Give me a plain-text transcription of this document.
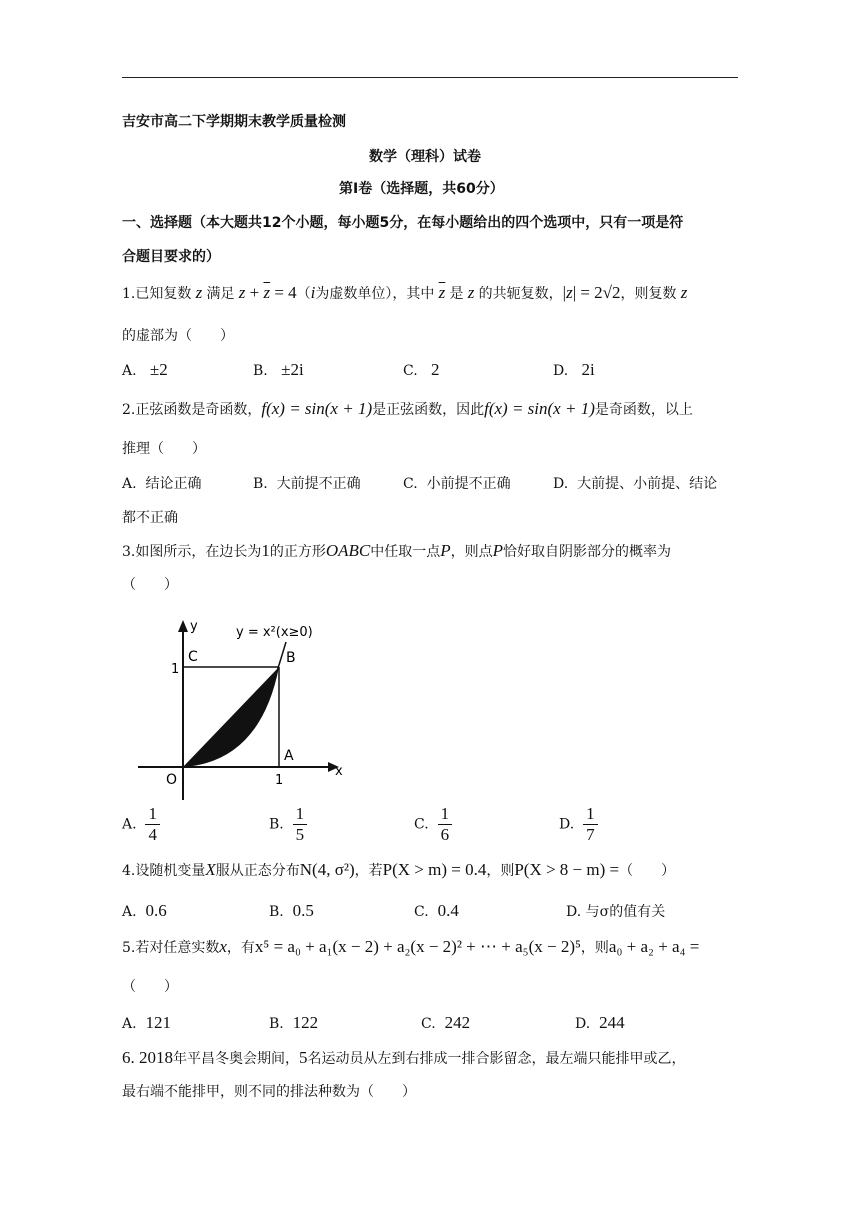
吉安市高二下学期期末教学质量检测
数学（理科）试卷
第Ⅰ卷（选择题，共60分）
一、选择题（本大题共12个小题，每小题5分，在每小题给出的四个选项中，只有一项是符
合题目要求的）
1.已知复数 z 满足 $z + \overline{z} = 4(i$为虚数单位），其中 $\overline{z}$ 是 z 的共轭复数，|z| = 2√2，则复数 z
的虚部为（　　）
A. ±2	B. ±2i	C. 2	D. 2i
2.正弦函数是奇函数，f(x) = sin(x + 1)是正弦函数，因此f(x) = sin(x + 1)是奇函数，以上
推理（　　）
A. 结论正确	B. 大前提不正确	C. 小前提不正确	D. 大前提、小前提、结论
都不正确
3.如图所示，在边长为1的正方形OABC中任取一点P，则点P恰好取自阴影部分的概率为
（　　）
y = x²(x≥0)
y
x
C	B
A
O
1
1
A. $\frac{1}{4}$	B. $\frac{1}{5}$	C. $\frac{1}{6}$	D. $\frac{1}{7}$
4.设随机变量X服从正态分布N(4, σ²)，若P(X > m) = 0.4，则P(X > 8 − m) =（　　）
A. 0.6	B. 0.5	C. 0.4	D. 与σ的值有关
5.若对任意实数x，有x⁵ = a₀ + a₁(x − 2) + a₂(x − 2)² + ⋯ + a₅(x − 2)⁵，则a₀ + a₂ + a₄ =
（　　）
A. 121	B. 122	C. 242	D. 244
6. 2018年平昌冬奥会期间，5名运动员从左到右排成一排合影留念，最左端只能排甲或乙，
最右端不能排甲，则不同的排法种数为（　　）
